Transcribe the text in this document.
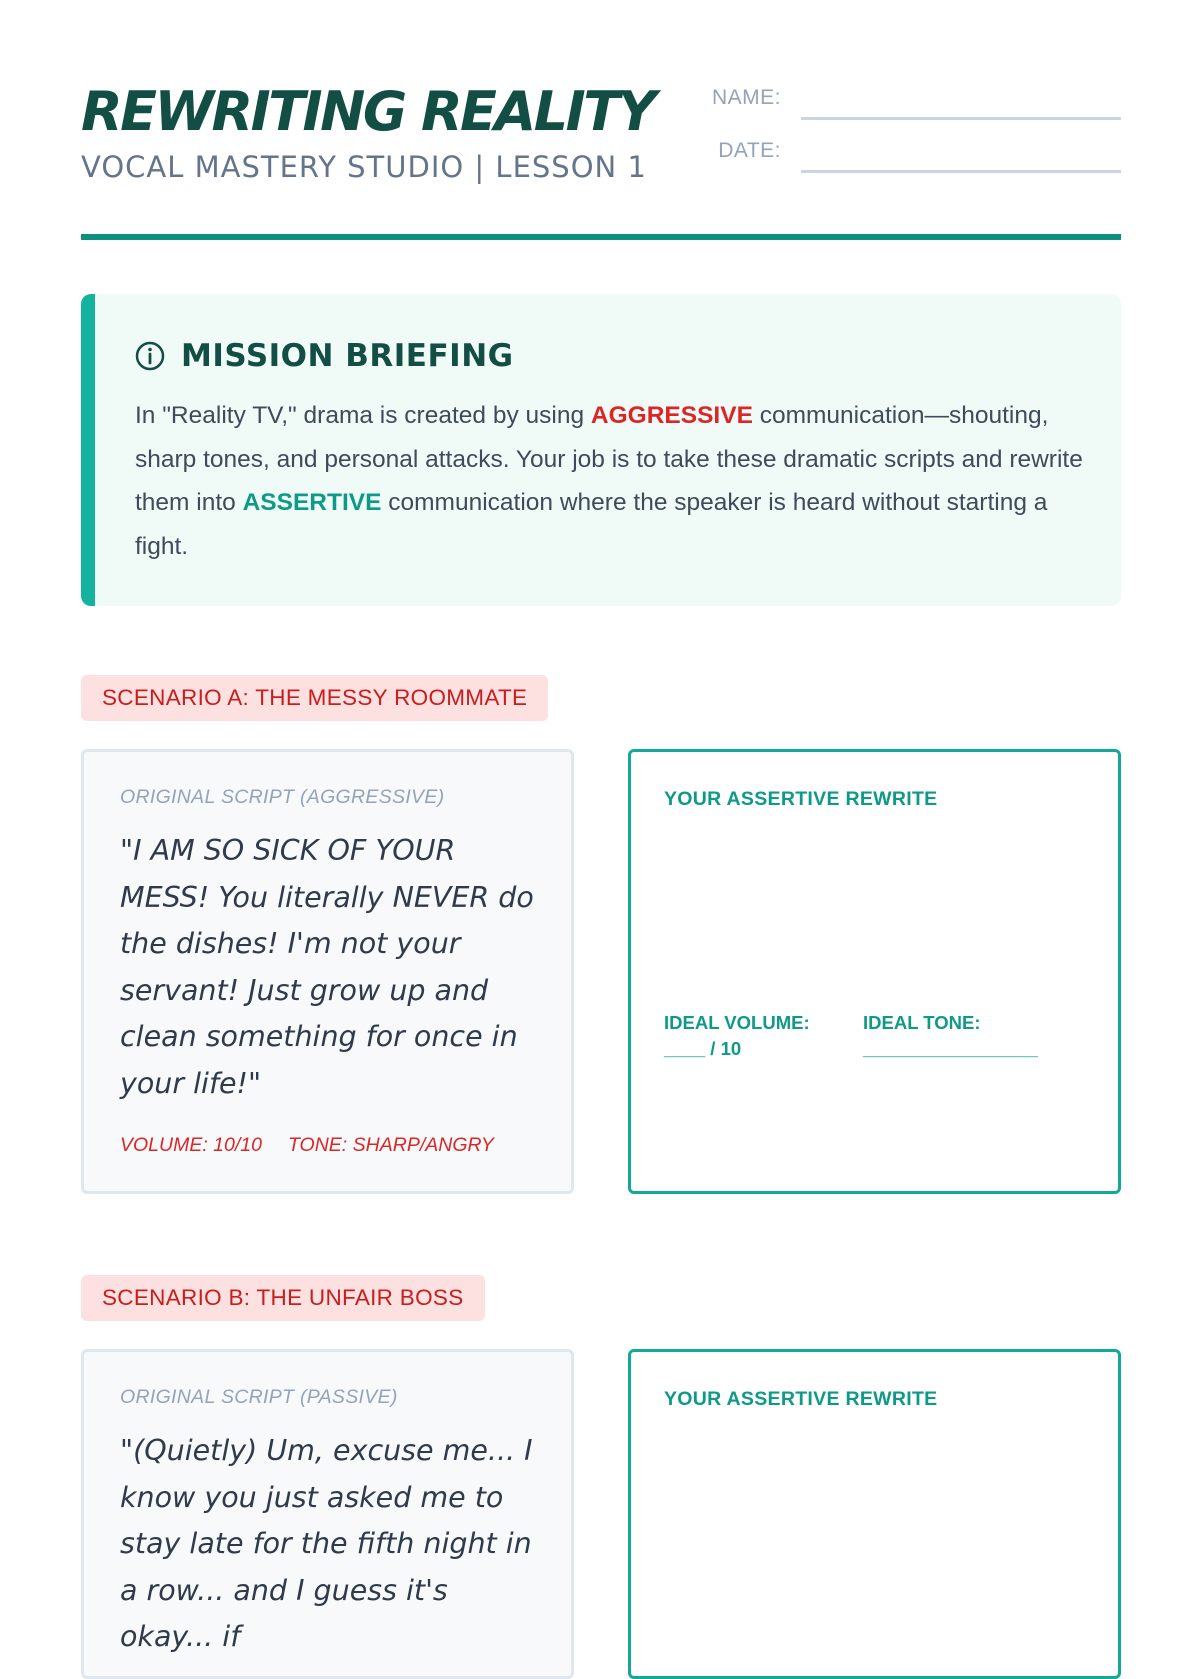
REWRITING REALITY
VOCAL MASTERY STUDIO | LESSON 1
NAME:
DATE:
MISSION BRIEFING
In "Reality TV," drama is created by using AGGRESSIVE communication—shouting, sharp tones, and personal attacks. Your job is to take these dramatic scripts and rewrite them into ASSERTIVE communication where the speaker is heard without starting a fight.
SCENARIO A: THE MESSY ROOMMATE
ORIGINAL SCRIPT (AGGRESSIVE)
"I AM SO SICK OF YOUR MESS! You literally NEVER do the dishes! I'm not your servant! Just grow up and clean something for once in your life!"
VOLUME: 10/10 TONE: SHARP/ANGRY
YOUR ASSERTIVE REWRITE
IDEAL VOLUME:
____ / 10
IDEAL TONE:
_________________
SCENARIO B: THE UNFAIR BOSS
ORIGINAL SCRIPT (PASSIVE)
"(Quietly) Um, excuse me... I know you just asked me to stay late for the fifth night in a row... and I guess it's okay... if
YOUR ASSERTIVE REWRITE
